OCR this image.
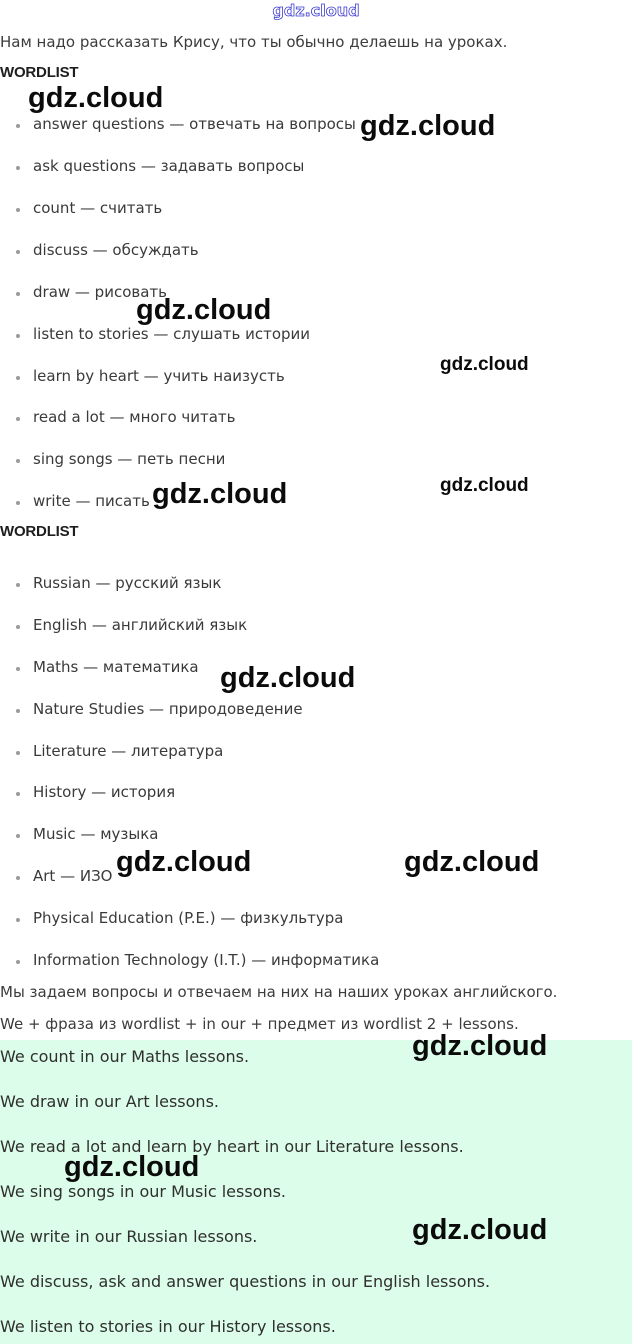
gdz.cloud
Нам надо рассказать Крису, что ты обычно делаешь на уроках.
WORDLIST
answer questions — отвечать на вопросы
ask questions — задавать вопросы
count — считать
discuss — обсуждать
draw — рисовать
listen to stories — слушать истории
learn by heart — учить наизусть
read a lot — много читать
sing songs — петь песни
write — писать
WORDLIST
Russian — русский язык
English — английский язык
Maths — математика
Nature Studies — природоведение
Literature — литература
History — история
Music — музыка
Art — ИЗО
Physical Education (P.E.) — физкультура
Information Technology (I.T.) — информатика
Мы задаем вопросы и отвечаем на них на наших уроках английского.
We + фраза из wordlist + in our + предмет из wordlist 2 + lessons.
We count in our Maths lessons.
We draw in our Art lessons.
We read a lot and learn by heart in our Literature lessons.
We sing songs in our Music lessons.
We write in our Russian lessons.
We discuss, ask and answer questions in our English lessons.
We listen to stories in our History lessons.
gdz.cloud
gdz.cloud
gdz.cloud
gdz.cloud
gdz.cloud	gdz.cloud
gdz.cloud
gdz.cloud	gdz.cloud
gdz.cloud
gdz.cloud
gdz.cloud
